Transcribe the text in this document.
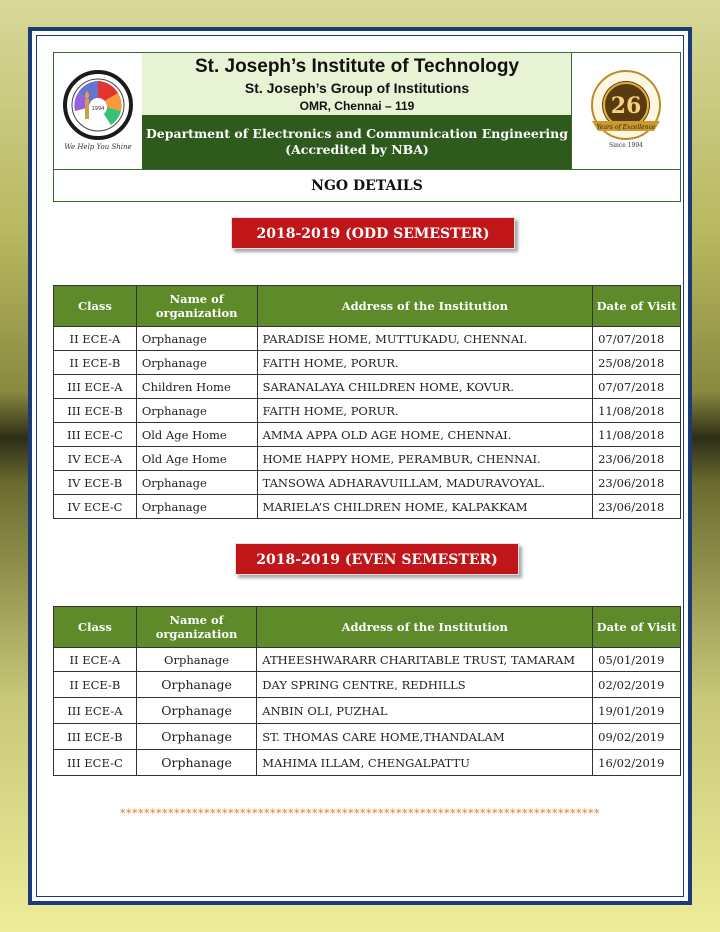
1994
We Help You Shine
St. Joseph’s Institute of Technology
St. Joseph’s Group of Institutions
OMR, Chennai – 119
Department of Electronics and Communication Engineering
(Accredited by NBA)
26
Years of Excellence
Since 1994
NGO DETAILS
2018-2019 (ODD SEMESTER)
Class	Name of organization	Address of the Institution	Date of Visit
II ECE-A	Orphanage	PARADISE HOME, MUTTUKADU, CHENNAI.	07/07/2018
II ECE-B	Orphanage	FAITH HOME, PORUR.	25/08/2018
III ECE-A	Children Home	SARANALAYA CHILDREN HOME, KOVUR.	07/07/2018
III ECE-B	Orphanage	FAITH HOME, PORUR.	11/08/2018
III ECE-C	Old Age Home	AMMA APPA OLD AGE HOME, CHENNAI.	11/08/2018
IV ECE-A	Old Age Home	HOME HAPPY HOME, PERAMBUR, CHENNAI.	23/06/2018
IV ECE-B	Orphanage	TANSOWA ADHARAVUILLAM, MADURAVOYAL.	23/06/2018
IV ECE-C	Orphanage	MARIELA’S CHILDREN HOME, KALPAKKAM	23/06/2018
2018-2019 (EVEN SEMESTER)
Class	Name of organization	Address of the Institution	Date of Visit
II ECE-A	Orphanage	ATHEESHWARARR CHARITABLE TRUST, TAMARAM	05/01/2019
II ECE-B	Orphanage	DAY SPRING CENTRE, REDHILLS	02/02/2019
III ECE-A	Orphanage	ANBIN OLI, PUZHAL	19/01/2019
III ECE-B	Orphanage	ST. THOMAS CARE HOME,THANDALAM	09/02/2019
III ECE-C	Orphanage	MAHIMA ILLAM, CHENGALPATTU	16/02/2019
********************************************************************************
